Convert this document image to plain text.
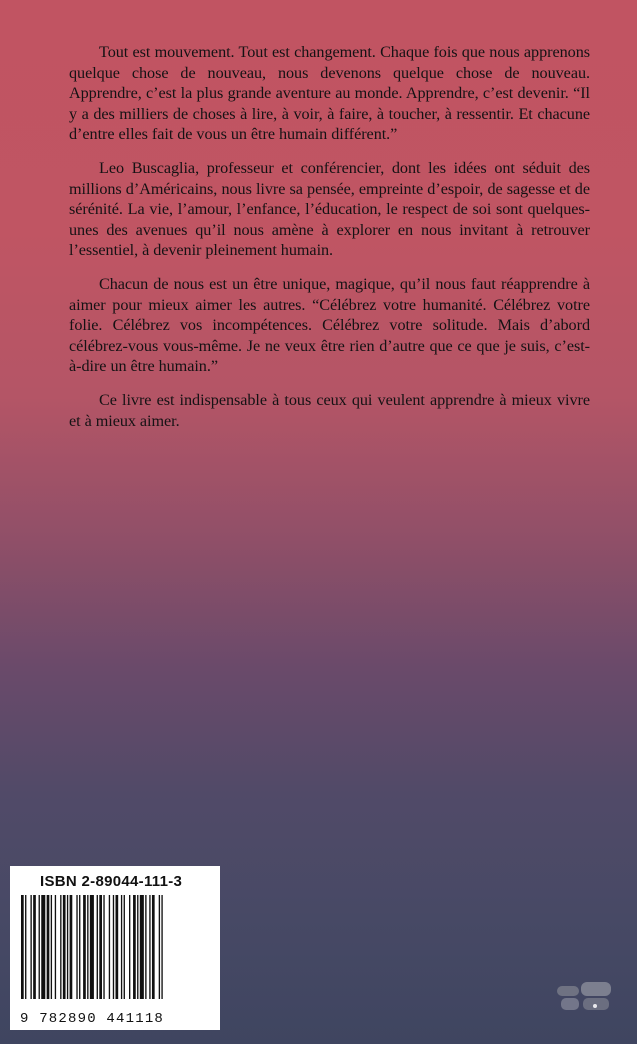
Tout est mouvement. Tout est changement. Chaque fois que nous apprenons quelque chose de nouveau, nous devenons quelque chose de nouveau. Apprendre, c’est la plus grande aventure au monde. Apprendre, c’est devenir. “Il y a des milliers de choses à lire, à voir, à faire, à toucher, à ressentir. Et chacune d’entre elles fait de vous un être humain différent.”

Leo Buscaglia, professeur et conférencier, dont les idées ont séduit des millions d’Américains, nous livre sa pensée, empreinte d’espoir, de sagesse et de sérénité. La vie, l’amour, l’enfance, l’éducation, le respect de soi sont quelques-unes des avenues qu’il nous amène à explorer en nous invitant à retrouver l’essentiel, à devenir pleinement humain.

Chacun de nous est un être unique, magique, qu’il nous faut réapprendre à aimer pour mieux aimer les autres. “Célébrez votre humanité. Célébrez votre folie. Célébrez vos incompétences. Célébrez votre solitude. Mais d’abord célébrez-vous vous-même. Je ne veux être rien d’autre que ce que je suis, c’est-à-dire un être humain.”

Ce livre est indispensable à tous ceux qui veulent apprendre à mieux vivre et à mieux aimer.

ISBN 2-89044-111-3
9 782890 441118
